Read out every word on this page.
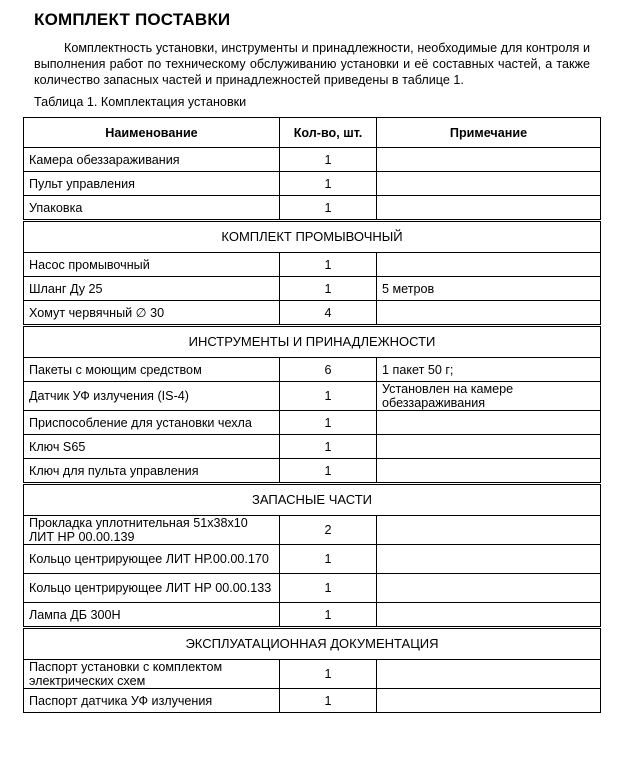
КОМПЛЕКТ ПОСТАВКИ
Комплектность установки, инструменты и принадлежности, необходимые для контроля и выполнения работ по техническому обслуживанию установки и её составных частей, а также количество запасных частей и принадлежностей приведены в таблице 1.
Таблица 1. Комплектация установки
Наименование	Кол-во, шт.	Примечание
Камера обеззараживания	1	
Пульт управления	1	
Упаковка	1	
КОМПЛЕКТ ПРОМЫВОЧНЫЙ		
Насос промывочный	1	
Шланг Ду 25	1	5 метров
Хомут червячный ∅ 30	4	
ИНСТРУМЕНТЫ И ПРИНАДЛЕЖНОСТИ		
Пакеты с моющим средством	6	1 пакет 50 г;
Датчик УФ излучения (IS-4)	1	Установлен на камере обеззараживания
Приспособление для установки чехла	1	
Ключ S65	1	
Ключ для пульта управления	1	
ЗАПАСНЫЕ ЧАСТИ		
Прокладка уплотнительная 51х38х10 ЛИТ НР 00.00.139	2	
Кольцо центрирующее ЛИТ НР.00.00.170	1	
Кольцо центрирующее ЛИТ НР 00.00.133	1	
Лампа ДБ 300Н	1	
ЭКСПЛУАТАЦИОННАЯ ДОКУМЕНТАЦИЯ		
Паспорт установки с комплектом электрических схем	1	
Паспорт датчика УФ излучения	1	
